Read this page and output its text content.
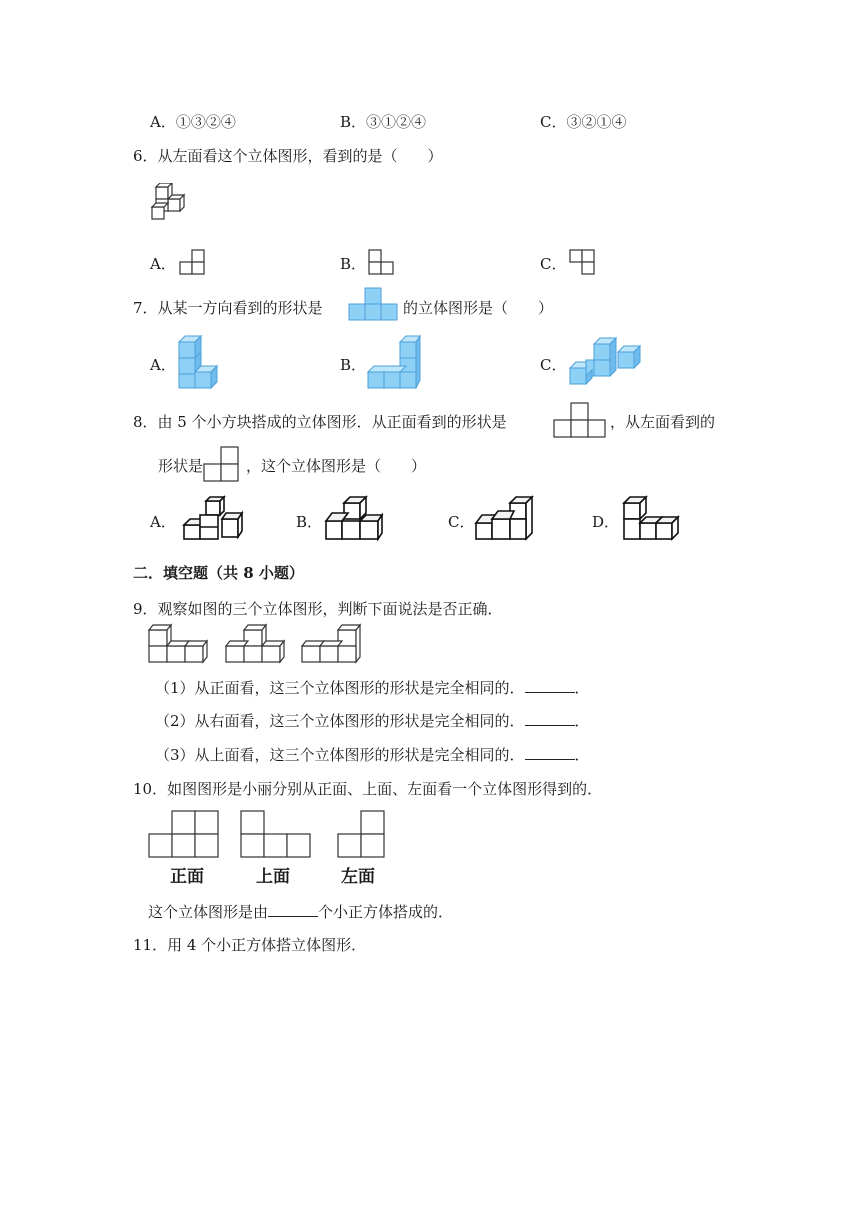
A．①③②④	B．③①②④	C．③②①④
6．从左面看这个立体图形，看到的是（　　）
A．	B．	C．
7．从某一方向看到的形状是	的立体图形是（　　）
A．	B．	C．
8．由 5 个小方块搭成的立体图形．从正面看到的形状是	，从左面看到的
形状是	，这个立体图形是（　　）
A．	B．	C．	D．
二．填空题（共 8 小题）
9．观察如图的三个立体图形，判断下面说法是否正确．
（1）从正面看，这三个立体图形的形状是完全相同的．	．
（2）从右面看，这三个立体图形的形状是完全相同的．	．
（3）从上面看，这三个立体图形的形状是完全相同的．	．
10．如图图形是小丽分别从正面、上面、左面看一个立体图形得到的．
正面	上面	左面
这个立体图形是由	个小正方体搭成的．
11．用 4 个小正方体搭立体图形．
